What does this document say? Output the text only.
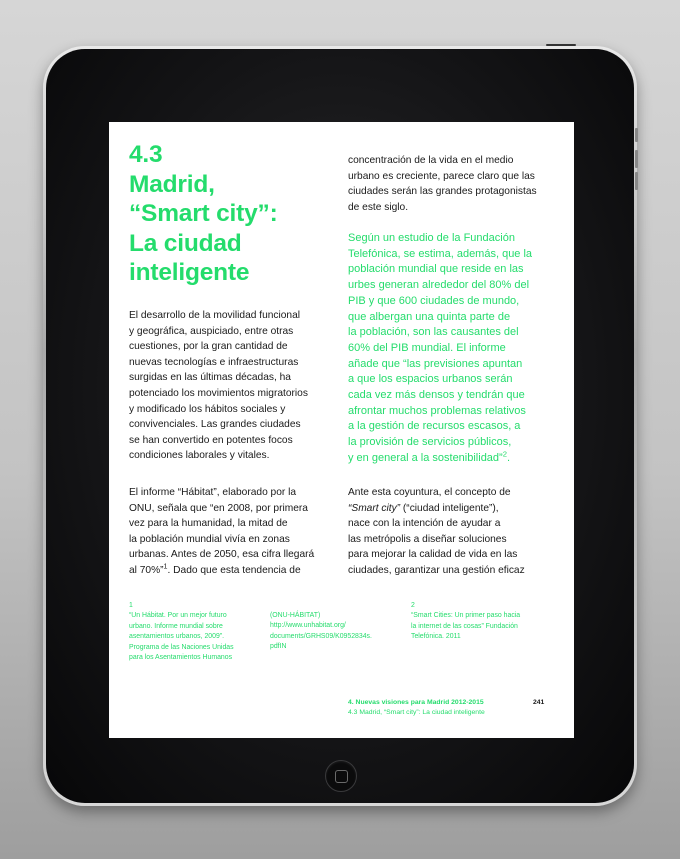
4.3
Madrid,
“Smart city”:
La ciudad
inteligente
El desarrollo de la movilidad funcional
y geográfica, auspiciado, entre otras
cuestiones, por la gran cantidad de
nuevas tecnologías e infraestructuras
surgidas en las últimas décadas, ha
potenciado los movimientos migratorios
y modificado los hábitos sociales y
convivenciales. Las grandes ciudades
se han convertido en potentes focos
condiciones laborales y vitales.
El informe “Hábitat”, elaborado por la
ONU, señala que “en 2008, por primera
vez para la humanidad, la mitad de
la población mundial vivía en zonas
urbanas. Antes de 2050, esa cifra llegará
al 70%”$^1$. Dado que esta tendencia de
concentración de la vida en el medio
urbano es creciente, parece claro que las
ciudades serán las grandes protagonistas
de este siglo.
Según un estudio de la Fundación
Telefónica, se estima, además, que la
población mundial que reside en las
urbes generan alrededor del 80% del
PIB y que 600 ciudades de mundo,
que albergan una quinta parte de
la población, son las causantes del
60% del PIB mundial. El informe
añade que “las previsiones apuntan
a que los espacios urbanos serán
cada vez más densos y tendrán que
afrontar muchos problemas relativos
a la gestión de recursos escasos, a
la provisión de servicios públicos,
y en general a la sostenibilidad”$^2$.
Ante esta coyuntura, el concepto de
“Smart city” (“ciudad inteligente”),
nace con la intención de ayudar a
las metrópolis a diseñar soluciones
para mejorar la calidad de vida en las
ciudades, garantizar una gestión eficaz
1
“Un Hábitat. Por un mejor futuro
urbano. Informe mundial sobre
asentamientos urbanos, 2009”.
Programa de las Naciones Unidas
para los Asentamientos Humanos
(ONU-HÁBITAT)
http://www.unhabitat.org/
documents/GRHS09/K0952834s.
pdfIN
2
“Smart Cities: Un primer paso hacia
la internet de las cosas” Fundación
Telefónica. 2011
4. Nuevas visiones para Madrid 2012-2015
4.3 Madrid, “Smart city”: La ciudad inteligente
241
